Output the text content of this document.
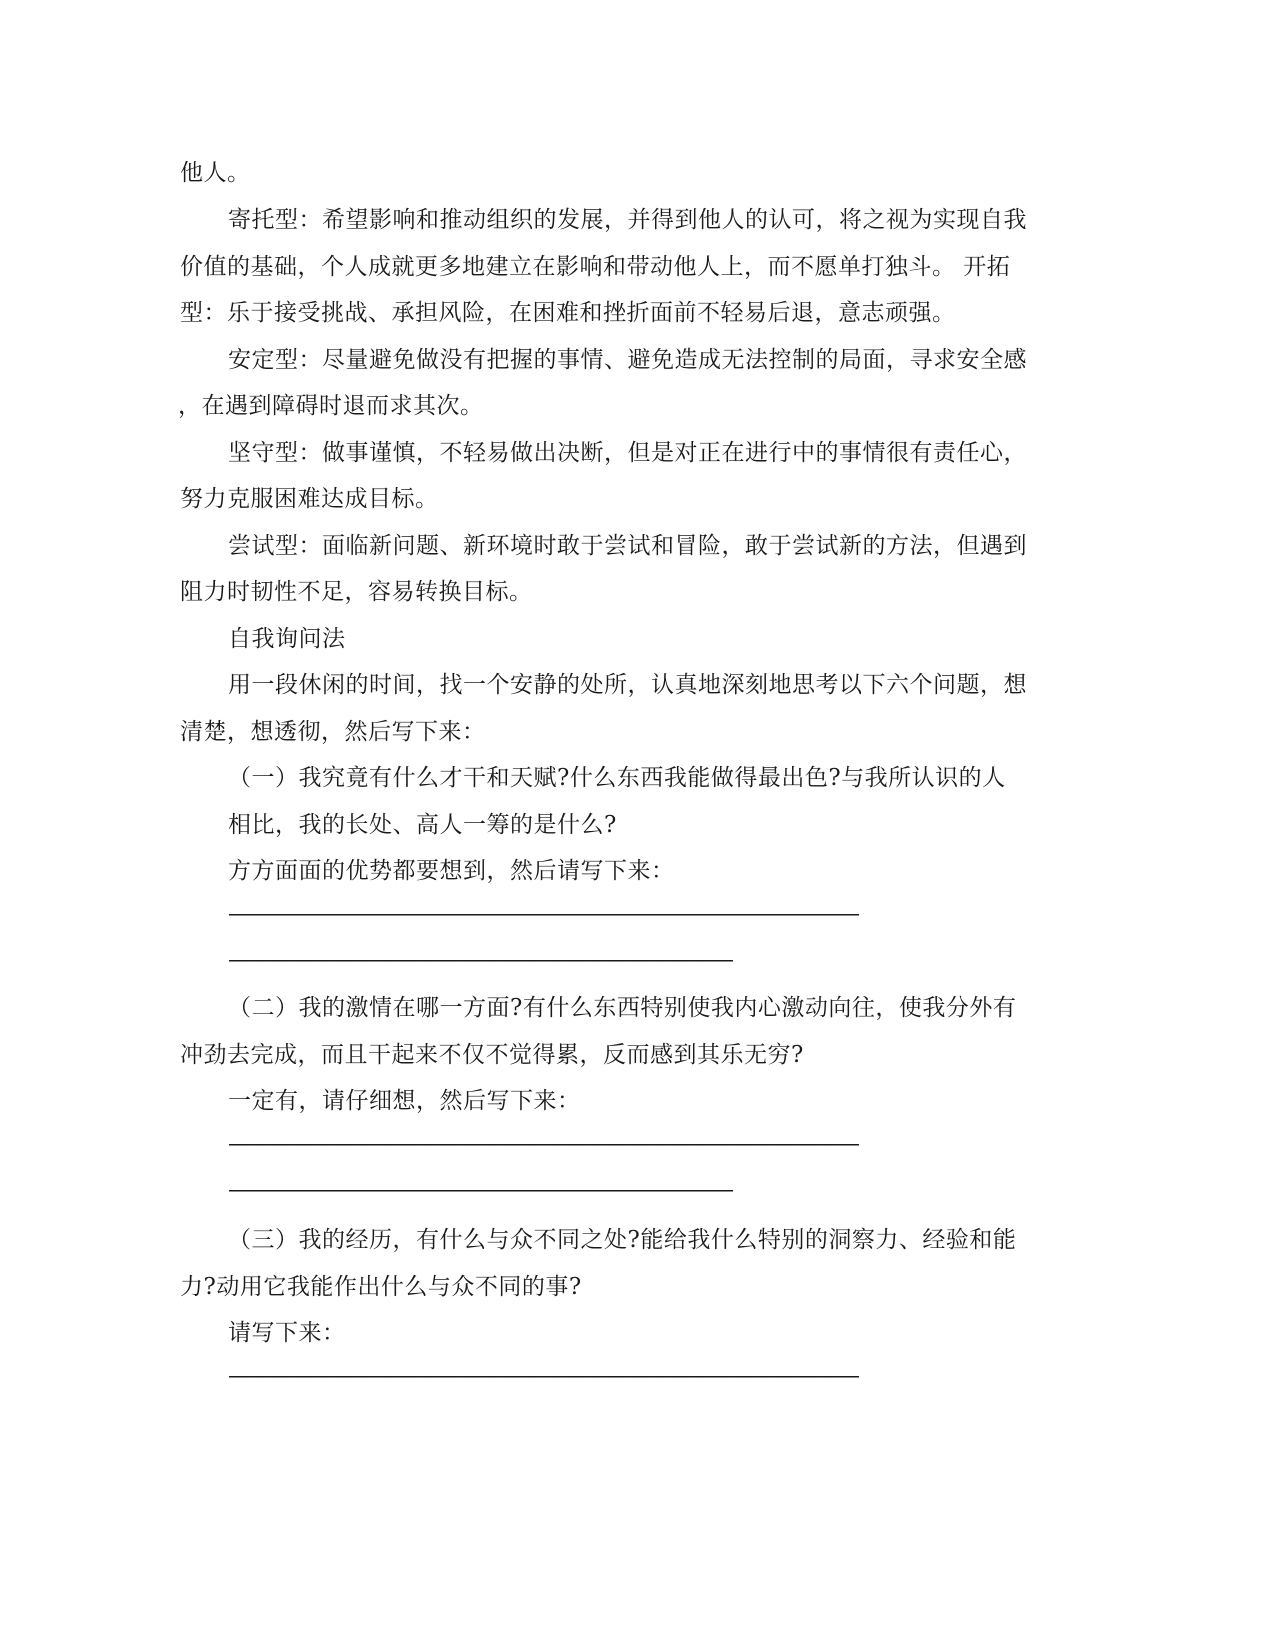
他人。
寄托型：希望影响和推动组织的发展，并得到他人的认可，将之视为实现自我
价值的基础，个人成就更多地建立在影响和带动他人上，而不愿单打独斗。 开拓
型：乐于接受挑战、承担风险，在困难和挫折面前不轻易后退，意志顽强。
安定型：尽量避免做没有把握的事情、避免造成无法控制的局面，寻求安全感
，在遇到障碍时退而求其次。
坚守型：做事谨慎，不轻易做出决断，但是对正在进行中的事情很有责任心，
努力克服困难达成目标。
尝试型：面临新问题、新环境时敢于尝试和冒险，敢于尝试新的方法，但遇到
阻力时韧性不足，容易转换目标。
自我询问法
用一段休闲的时间，找一个安静的处所，认真地深刻地思考以下六个问题，想
清楚，想透彻，然后写下来：
（一）我究竟有什么才干和天赋?什么东西我能做得最出色?与我所认识的人
相比，我的长处、高人一筹的是什么?
方方面面的优势都要想到，然后请写下来：
——————————————————————————————
————————————————————————
（二）我的激情在哪一方面?有什么东西特别使我内心激动向往，使我分外有
冲劲去完成，而且干起来不仅不觉得累，反而感到其乐无穷?
一定有，请仔细想，然后写下来：
——————————————————————————————
————————————————————————
（三）我的经历，有什么与众不同之处?能给我什么特别的洞察力、经验和能
力?动用它我能作出什么与众不同的事?
请写下来：
——————————————————————————————
